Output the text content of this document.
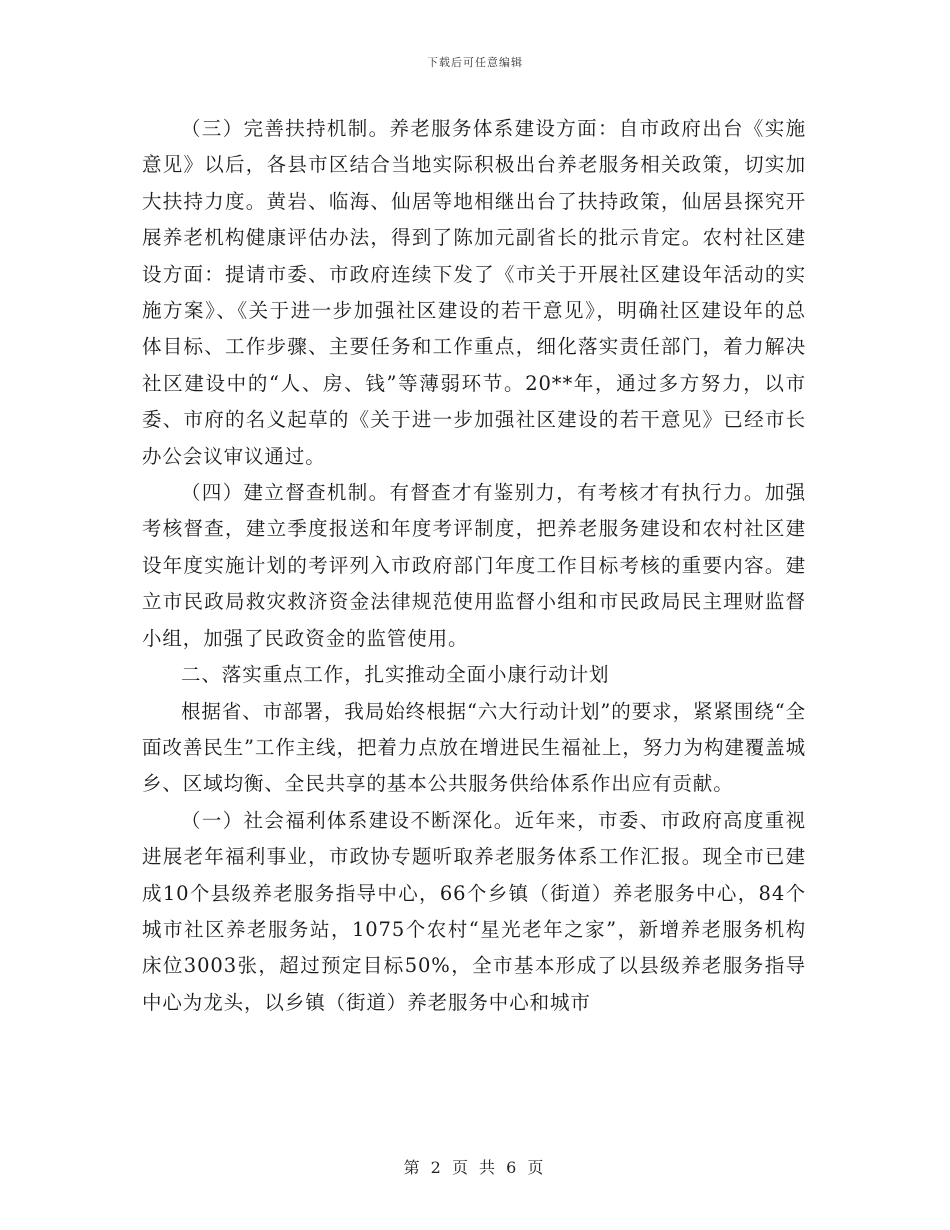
下载后可任意编辑

（三）完善扶持机制。养老服务体系建设方面：自市政府出台《实施意见》以后，各县市区结合当地实际积极出台养老服务相关政策，切实加大扶持力度。黄岩、临海、仙居等地相继出台了扶持政策，仙居县探究开展养老机构健康评估办法，得到了陈加元副省长的批示肯定。农村社区建设方面：提请市委、市政府连续下发了《市关于开展社区建设年活动的实施方案》、《关于进一步加强社区建设的若干意见》，明确社区建设年的总体目标、工作步骤、主要任务和工作重点，细化落实责任部门，着力解决社区建设中的“人、房、钱”等薄弱环节。20**年，通过多方努力，以市委、市府的名义起草的《关于进一步加强社区建设的若干意见》已经市长办公会议审议通过。

（四）建立督查机制。有督查才有鉴别力，有考核才有执行力。加强考核督查，建立季度报送和年度考评制度，把养老服务建设和农村社区建设年度实施计划的考评列入市政府部门年度工作目标考核的重要内容。建立市民政局救灾救济资金法律规范使用监督小组和市民政局民主理财监督小组，加强了民政资金的监管使用。

二、落实重点工作，扎实推动全面小康行动计划

根据省、市部署，我局始终根据“六大行动计划”的要求，紧紧围绕“全面改善民生”工作主线，把着力点放在增进民生福祉上，努力为构建覆盖城乡、区域均衡、全民共享的基本公共服务供给体系作出应有贡献。

（一）社会福利体系建设不断深化。近年来，市委、市政府高度重视进展老年福利事业，市政协专题听取养老服务体系工作汇报。现全市已建成10个县级养老服务指导中心，66个乡镇（街道）养老服务中心，84个城市社区养老服务站，1075个农村“星光老年之家”，新增养老服务机构床位3003张，超过预定目标50%，全市基本形成了以县级养老服务指导中心为龙头，以乡镇（街道）养老服务中心和城市

第 2 页 共 6 页
